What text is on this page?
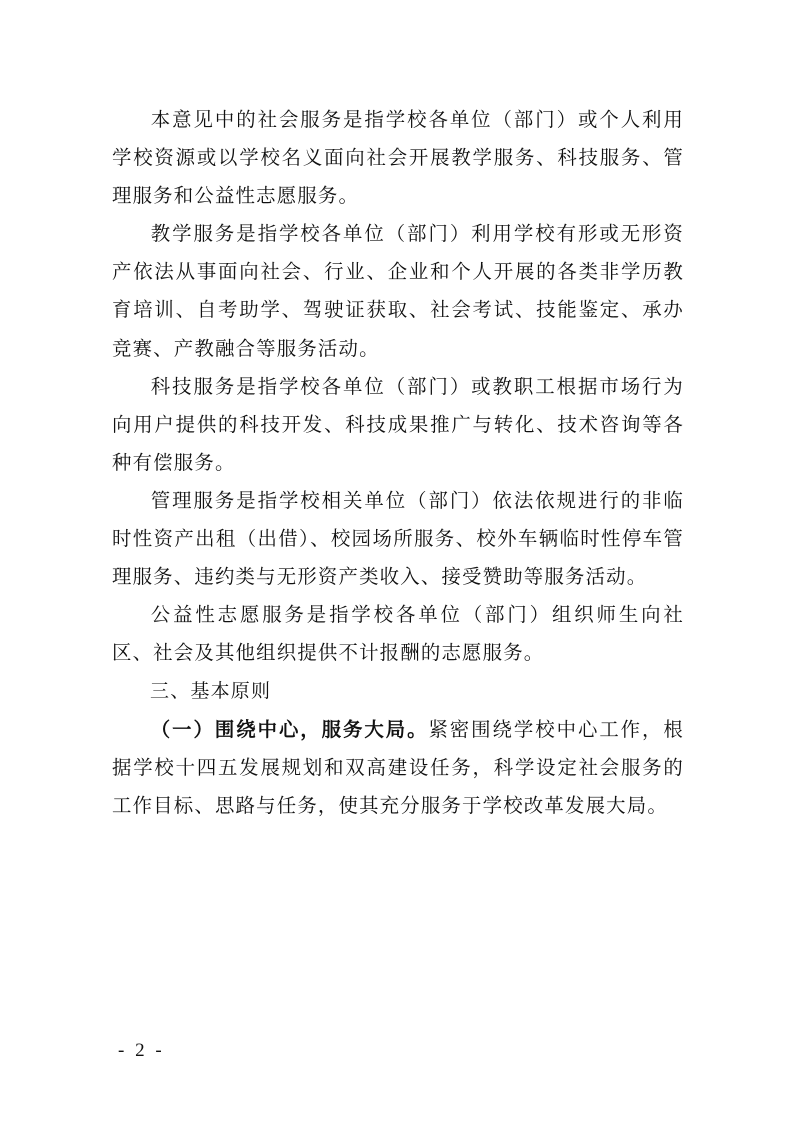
本意见中的社会服务是指学校各单位（部门）或个人利用学校资源或以学校名义面向社会开展教学服务、科技服务、管理服务和公益性志愿服务。

教学服务是指学校各单位（部门）利用学校有形或无形资产依法从事面向社会、行业、企业和个人开展的各类非学历教育培训、自考助学、驾驶证获取、社会考试、技能鉴定、承办竞赛、产教融合等服务活动。

科技服务是指学校各单位（部门）或教职工根据市场行为向用户提供的科技开发、科技成果推广与转化、技术咨询等各种有偿服务。

管理服务是指学校相关单位（部门）依法依规进行的非临时性资产出租（出借）、校园场所服务、校外车辆临时性停车管理服务、违约类与无形资产类收入、接受赞助等服务活动。

公益性志愿服务是指学校各单位（部门）组织师生向社区、社会及其他组织提供不计报酬的志愿服务。

三、基本原则

（一）围绕中心，服务大局。紧密围绕学校中心工作，根据学校十四五发展规划和双高建设任务，科学设定社会服务的工作目标、思路与任务，使其充分服务于学校改革发展大局。

- 2 -
